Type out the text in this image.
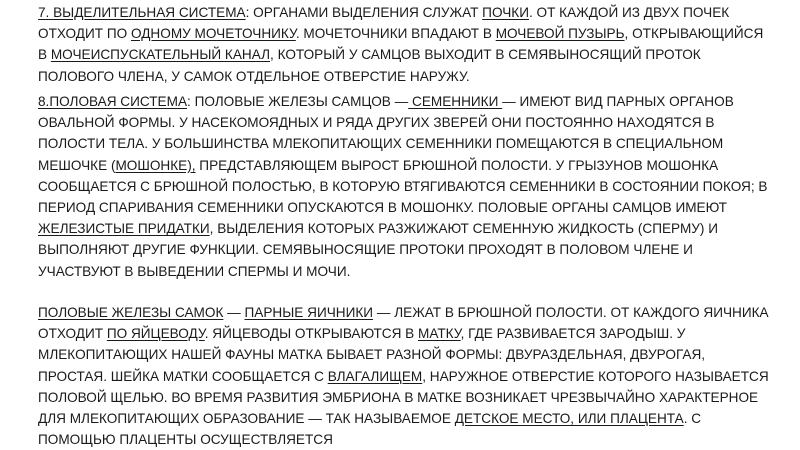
7. ВЫДЕЛИТЕЛЬНАЯ СИСТЕМА: ОРГАНАМИ ВЫДЕЛЕНИЯ СЛУЖАТ ПОЧКИ. ОТ КАЖДОЙ ИЗ ДВУХ ПОЧЕК ОТХОДИТ ПО ОДНОМУ МОЧЕТОЧНИКУ. МОЧЕТОЧНИКИ ВПАДАЮТ В МОЧЕВОЙ ПУЗЫРЬ, ОТКРЫВАЮЩИЙСЯ В МОЧЕИСПУСКАТЕЛЬНЫЙ КАНАЛ, КОТОРЫЙ У САМЦОВ ВЫХОДИТ В СЕМЯВЫНОСЯЩИЙ ПРОТОК ПОЛОВОГО ЧЛЕНА, У САМОК ОТДЕЛЬНОЕ ОТВЕРСТИЕ НАРУЖУ.

8.ПОЛОВАЯ СИСТЕМА: ПОЛОВЫЕ ЖЕЛЕЗЫ САМЦОВ — СЕМЕННИКИ — ИМЕЮТ ВИД ПАРНЫХ ОРГАНОВ ОВАЛЬНОЙ ФОРМЫ. У НАСЕКОМОЯДНЫХ И РЯДА ДРУГИХ ЗВЕРЕЙ ОНИ ПОСТОЯННО НАХОДЯТСЯ В ПОЛОСТИ ТЕЛА. У БОЛЬШИНСТВА МЛЕКОПИТАЮЩИХ СЕМЕННИКИ ПОМЕЩАЮТСЯ В СПЕЦИАЛЬНОМ МЕШОЧКЕ (МОШОНКЕ), ПРЕДСТАВЛЯЮЩЕМ ВЫРОСТ БРЮШНОЙ ПОЛОСТИ. У ГРЫЗУНОВ МОШОНКА СООБЩАЕТСЯ С БРЮШНОЙ ПОЛОСТЬЮ, В КОТОРУЮ ВТЯГИВАЮТСЯ СЕМЕННИКИ В СОСТОЯНИИ ПОКОЯ; В ПЕРИОД СПАРИВАНИЯ СЕМЕННИКИ ОПУСКАЮТСЯ В МОШОНКУ. ПОЛОВЫЕ ОРГАНЫ САМЦОВ ИМЕЮТ ЖЕЛЕЗИСТЫЕ ПРИДАТКИ, ВЫДЕЛЕНИЯ КОТОРЫХ РАЗЖИЖАЮТ СЕМЕННУЮ ЖИДКОСТЬ (СПЕРМУ) И ВЫПОЛНЯЮТ ДРУГИЕ ФУНКЦИИ. СЕМЯВЫНОСЯЩИЕ ПРОТОКИ ПРОХОДЯТ В ПОЛОВОМ ЧЛЕНЕ И УЧАСТВУЮТ В ВЫВЕДЕНИИ СПЕРМЫ И МОЧИ.

ПОЛОВЫЕ ЖЕЛЕЗЫ САМОК — ПАРНЫЕ ЯИЧНИКИ — ЛЕЖАТ В БРЮШНОЙ ПОЛОСТИ. ОТ КАЖДОГО ЯИЧНИКА ОТХОДИТ ПО ЯЙЦЕВОДУ. ЯЙЦЕВОДЫ ОТКРЫВАЮТСЯ В МАТКУ, ГДЕ РАЗВИВАЕТСЯ ЗАРОДЫШ. У МЛЕКОПИТАЮЩИХ НАШЕЙ ФАУНЫ МАТКА БЫВАЕТ РАЗНОЙ ФОРМЫ: ДВУРАЗДЕЛЬНАЯ, ДВУРОГАЯ, ПРОСТАЯ. ШЕЙКА МАТКИ СООБЩАЕТСЯ С ВЛАГАЛИЩЕМ, НАРУЖНОЕ ОТВЕРСТИЕ КОТОРОГО НАЗЫВАЕТСЯ ПОЛОВОЙ ЩЕЛЬЮ. ВО ВРЕМЯ РАЗВИТИЯ ЭМБРИОНА В МАТКЕ ВОЗНИКАЕТ ЧРЕЗВЫЧАЙНО ХАРАКТЕРНОЕ ДЛЯ МЛЕКОПИТАЮЩИХ ОБРАЗОВАНИЕ — ТАК НАЗЫВАЕМОЕ ДЕТСКОЕ МЕСТО, ИЛИ ПЛАЦЕНТА. С ПОМОЩЬЮ ПЛАЦЕНТЫ ОСУЩЕСТВЛЯЕТСЯ
